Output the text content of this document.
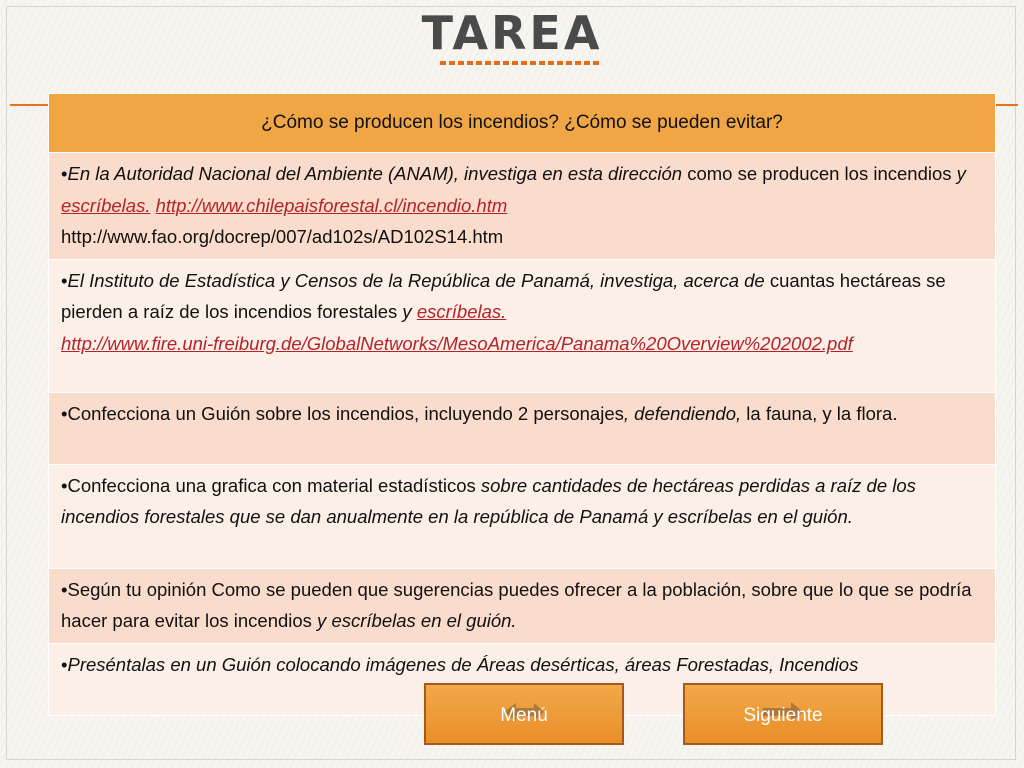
TAREA
¿Cómo se producen los incendios? ¿Cómo se pueden evitar?
•En la Autoridad Nacional del Ambiente (ANAM), investiga en esta dirección como se producen los incendios y escríbelas. http://www.chilepaisforestal.cl/incendio.htm
http://www.fao.org/docrep/007/ad102s/AD102S14.htm
•El Instituto de Estadística y Censos de la República de Panamá, investiga, acerca de cuantas hectáreas se pierden a raíz de los incendios forestales y escríbelas.
http://www.fire.uni-freiburg.de/GlobalNetworks/MesoAmerica/Panama%20Overview%202002.pdf
•Confecciona un Guión sobre los incendios, incluyendo 2 personajes, defendiendo, la fauna, y la flora.
•Confecciona una grafica con material estadísticos sobre cantidades de hectáreas perdidas a raíz de los incendios forestales que se dan anualmente en la república de Panamá y escríbelas en el guión.
•Según tu opinión Como se pueden que sugerencias puedes ofrecer a la población, sobre que lo que se podría hacer para evitar los incendios y escríbelas en el guión.
•Preséntalas en un Guión colocando imágenes de Áreas desérticas, áreas Forestadas, Incendios
Menú	Siguiente
